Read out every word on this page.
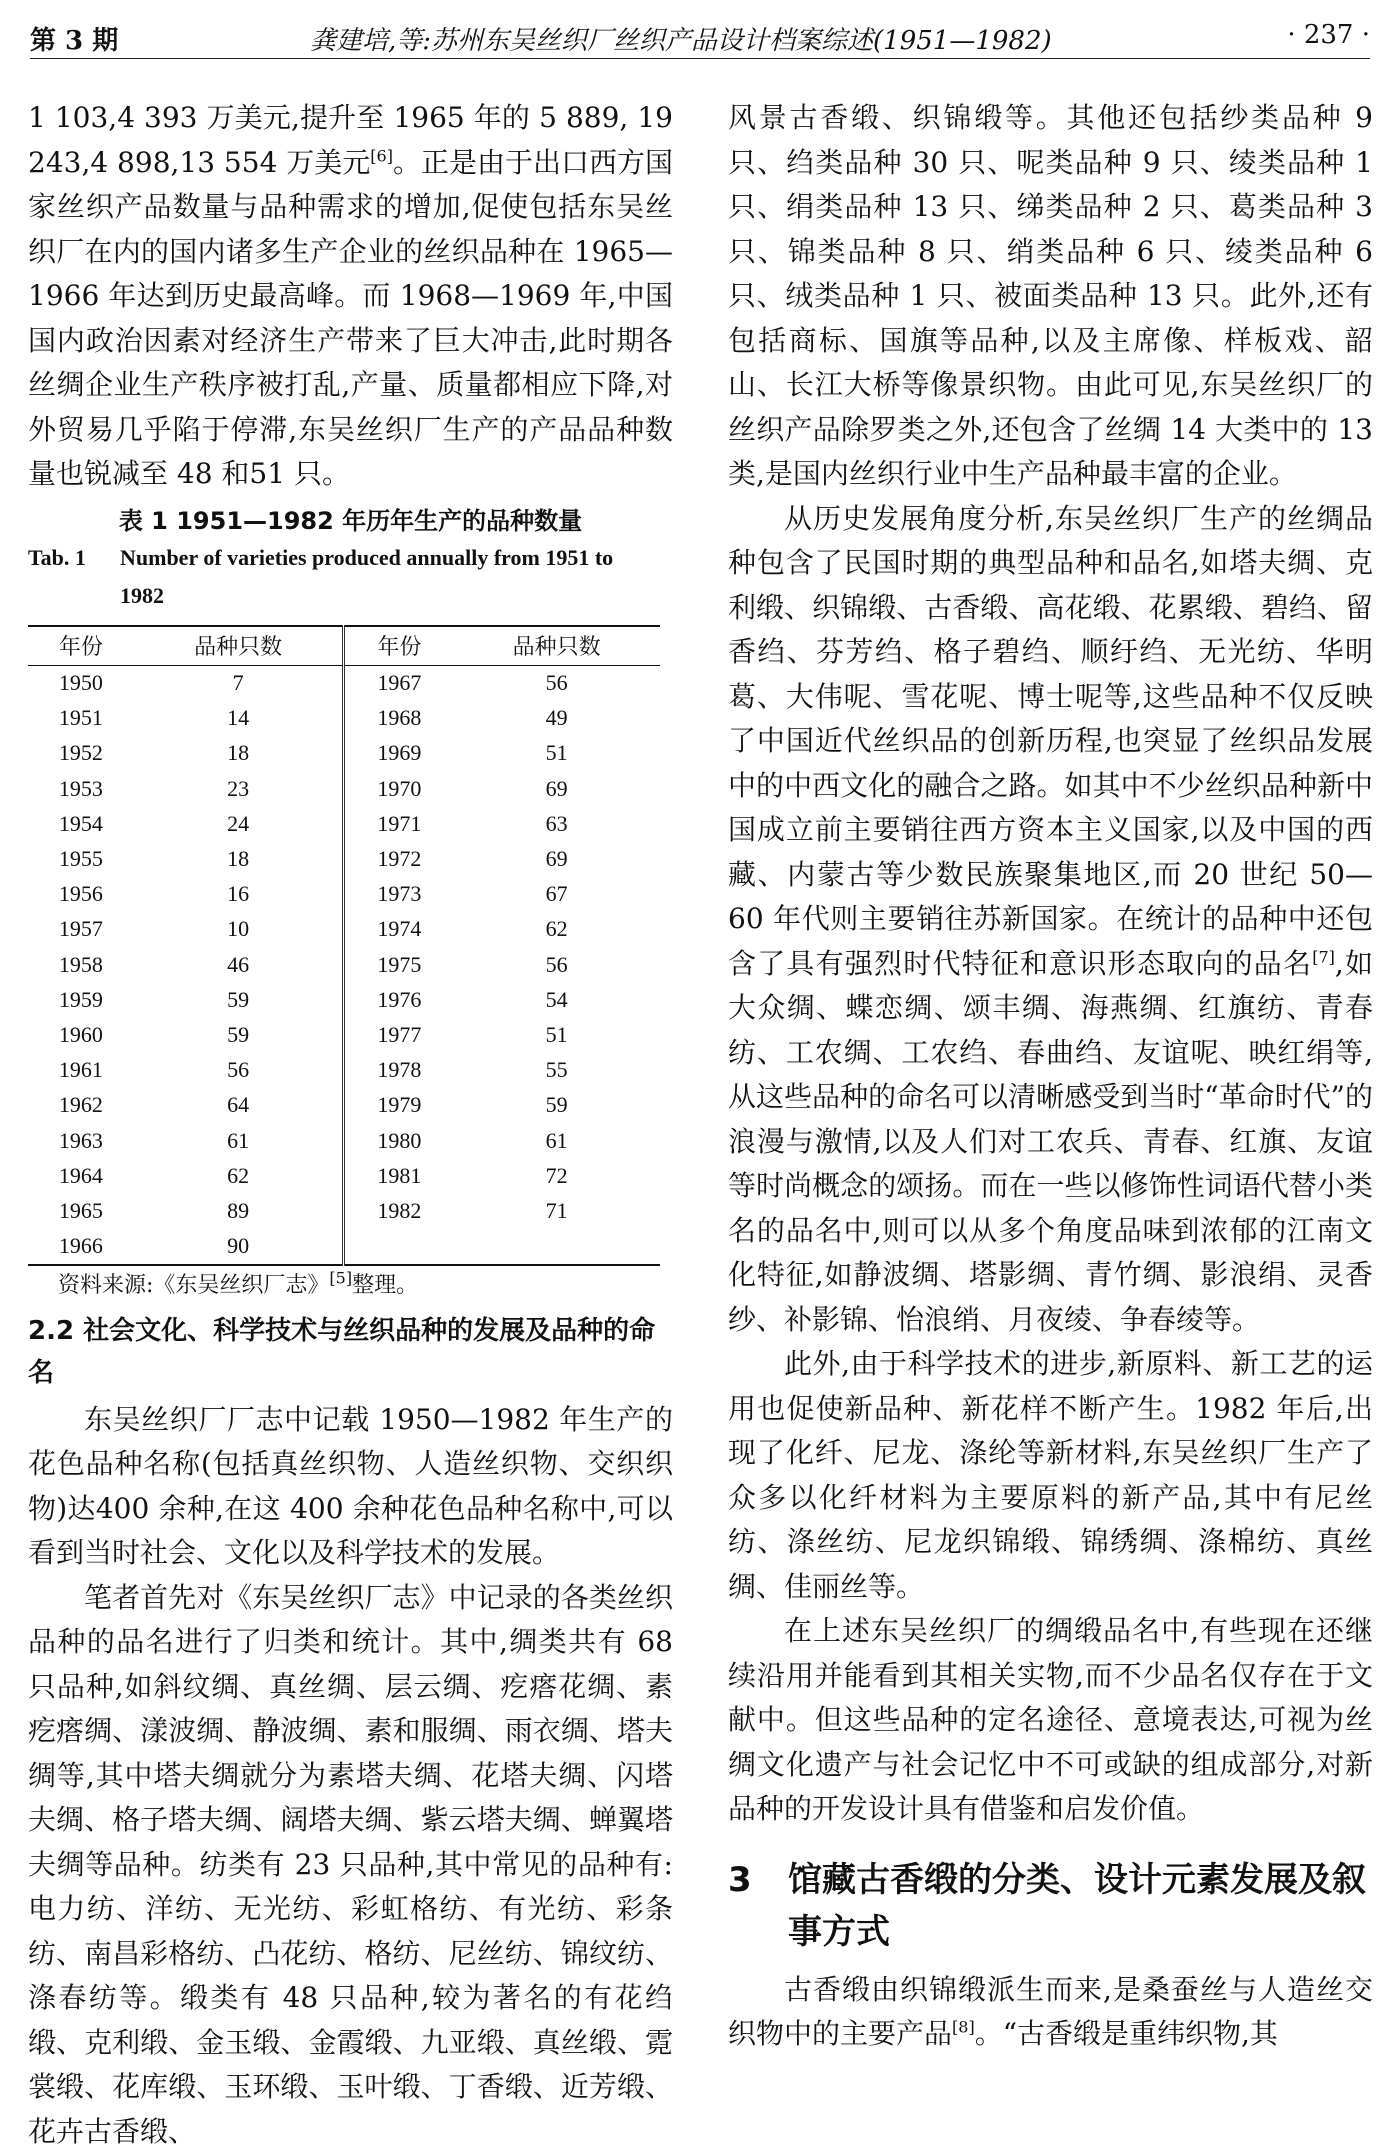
第 3 期	龚建培,等:苏州东吴丝织厂丝织产品设计档案综述(1951—1982)	· 237 ·

1 103,4 393 万美元,提升至 1965 年的 5 889, 19 243,4 898,13 554 万美元[6]。正是由于出口西方国家丝织产品数量与品种需求的增加,促使包括东吴丝织厂在内的国内诸多生产企业的丝织品种在 1965—1966 年达到历史最高峰。而 1968—1969 年,中国国内政治因素对经济生产带来了巨大冲击,此时期各丝绸企业生产秩序被打乱,产量、质量都相应下降,对外贸易几乎陷于停滞,东吴丝织厂生产的产品品种数量也锐减至 48 和51 只。

表 1 1951—1982 年历年生产的品种数量
Tab. 1 Number of varieties produced annually from 1951 to 1982
年份	品种只数	年份	品种只数
1950	7	1967	56
1951	14	1968	49
1952	18	1969	51
1953	23	1970	69
1954	24	1971	63
1955	18	1972	69
1956	16	1973	67
1957	10	1974	62
1958	46	1975	56
1959	59	1976	54
1960	59	1977	51
1961	56	1978	55
1962	64	1979	59
1963	61	1980	61
1964	62	1981	72
1965	89	1982	71
1966	90		
资料来源:《东吴丝织厂志》[5]整理。
2.2 社会文化、科学技术与丝织品种的发展及品种的命名

东吴丝织厂厂志中记载 1950—1982 年生产的花色品种名称(包括真丝织物、人造丝织物、交织织物)达400 余种,在这 400 余种花色品种名称中,可以看到当时社会、文化以及科学技术的发展。

笔者首先对《东吴丝织厂志》中记录的各类丝织品种的品名进行了归类和统计。其中,绸类共有 68 只品种,如斜纹绸、真丝绸、层云绸、疙瘩花绸、素疙瘩绸、漾波绸、静波绸、素和服绸、雨衣绸、塔夫绸等,其中塔夫绸就分为素塔夫绸、花塔夫绸、闪塔夫绸、格子塔夫绸、阔塔夫绸、紫云塔夫绸、蝉翼塔夫绸等品种。纺类有 23 只品种,其中常见的品种有:电力纺、洋纺、无光纺、彩虹格纺、有光纺、彩条纺、南昌彩格纺、凸花纺、格纺、尼丝纺、锦纹纺、涤春纺等。缎类有 48 只品种,较为著名的有花绉缎、克利缎、金玉缎、金霞缎、九亚缎、真丝缎、霓裳缎、花库缎、玉环缎、玉叶缎、丁香缎、近芳缎、花卉古香缎、

风景古香缎、织锦缎等。其他还包括纱类品种 9 只、绉类品种 30 只、呢类品种 9 只、绫类品种 1 只、绢类品种 13 只、绨类品种 2 只、葛类品种 3 只、锦类品种 8 只、绡类品种 6 只、绫类品种 6 只、绒类品种 1 只、被面类品种 13 只。此外,还有包括商标、国旗等品种,以及主席像、样板戏、韶山、长江大桥等像景织物。由此可见,东吴丝织厂的丝织产品除罗类之外,还包含了丝绸 14 大类中的 13 类,是国内丝织行业中生产品种最丰富的企业。

从历史发展角度分析,东吴丝织厂生产的丝绸品种包含了民国时期的典型品种和品名,如塔夫绸、克利缎、织锦缎、古香缎、高花缎、花累缎、碧绉、留香绉、芬芳绉、格子碧绉、顺纡绉、无光纺、华明葛、大伟呢、雪花呢、博士呢等,这些品种不仅反映了中国近代丝织品的创新历程,也突显了丝织品发展中的中西文化的融合之路。如其中不少丝织品种新中国成立前主要销往西方资本主义国家,以及中国的西藏、内蒙古等少数民族聚集地区,而 20 世纪 50—60 年代则主要销往苏新国家。在统计的品种中还包含了具有强烈时代特征和意识形态取向的品名[7],如大众绸、蝶恋绸、颂丰绸、海燕绸、红旗纺、青春纺、工农绸、工农绉、春曲绉、友谊呢、映红绢等,从这些品种的命名可以清晰感受到当时“革命时代”的浪漫与激情,以及人们对工农兵、青春、红旗、友谊等时尚概念的颂扬。而在一些以修饰性词语代替小类名的品名中,则可以从多个角度品味到浓郁的江南文化特征,如静波绸、塔影绸、青竹绸、影浪绢、灵香纱、补影锦、怡浪绡、月夜绫、争春绫等。

此外,由于科学技术的进步,新原料、新工艺的运用也促使新品种、新花样不断产生。1982 年后,出现了化纤、尼龙、涤纶等新材料,东吴丝织厂生产了众多以化纤材料为主要原料的新产品,其中有尼丝纺、涤丝纺、尼龙织锦缎、锦绣绸、涤棉纺、真丝绸、佳丽丝等。

在上述东吴丝织厂的绸缎品名中,有些现在还继续沿用并能看到其相关实物,而不少品名仅存在于文献中。但这些品种的定名途径、意境表达,可视为丝绸文化遗产与社会记忆中不可或缺的组成部分,对新品种的开发设计具有借鉴和启发价值。

3 馆藏古香缎的分类、设计元素发展及叙事方式

古香缎由织锦缎派生而来,是桑蚕丝与人造丝交织物中的主要产品[8]。“古香缎是重纬织物,其
